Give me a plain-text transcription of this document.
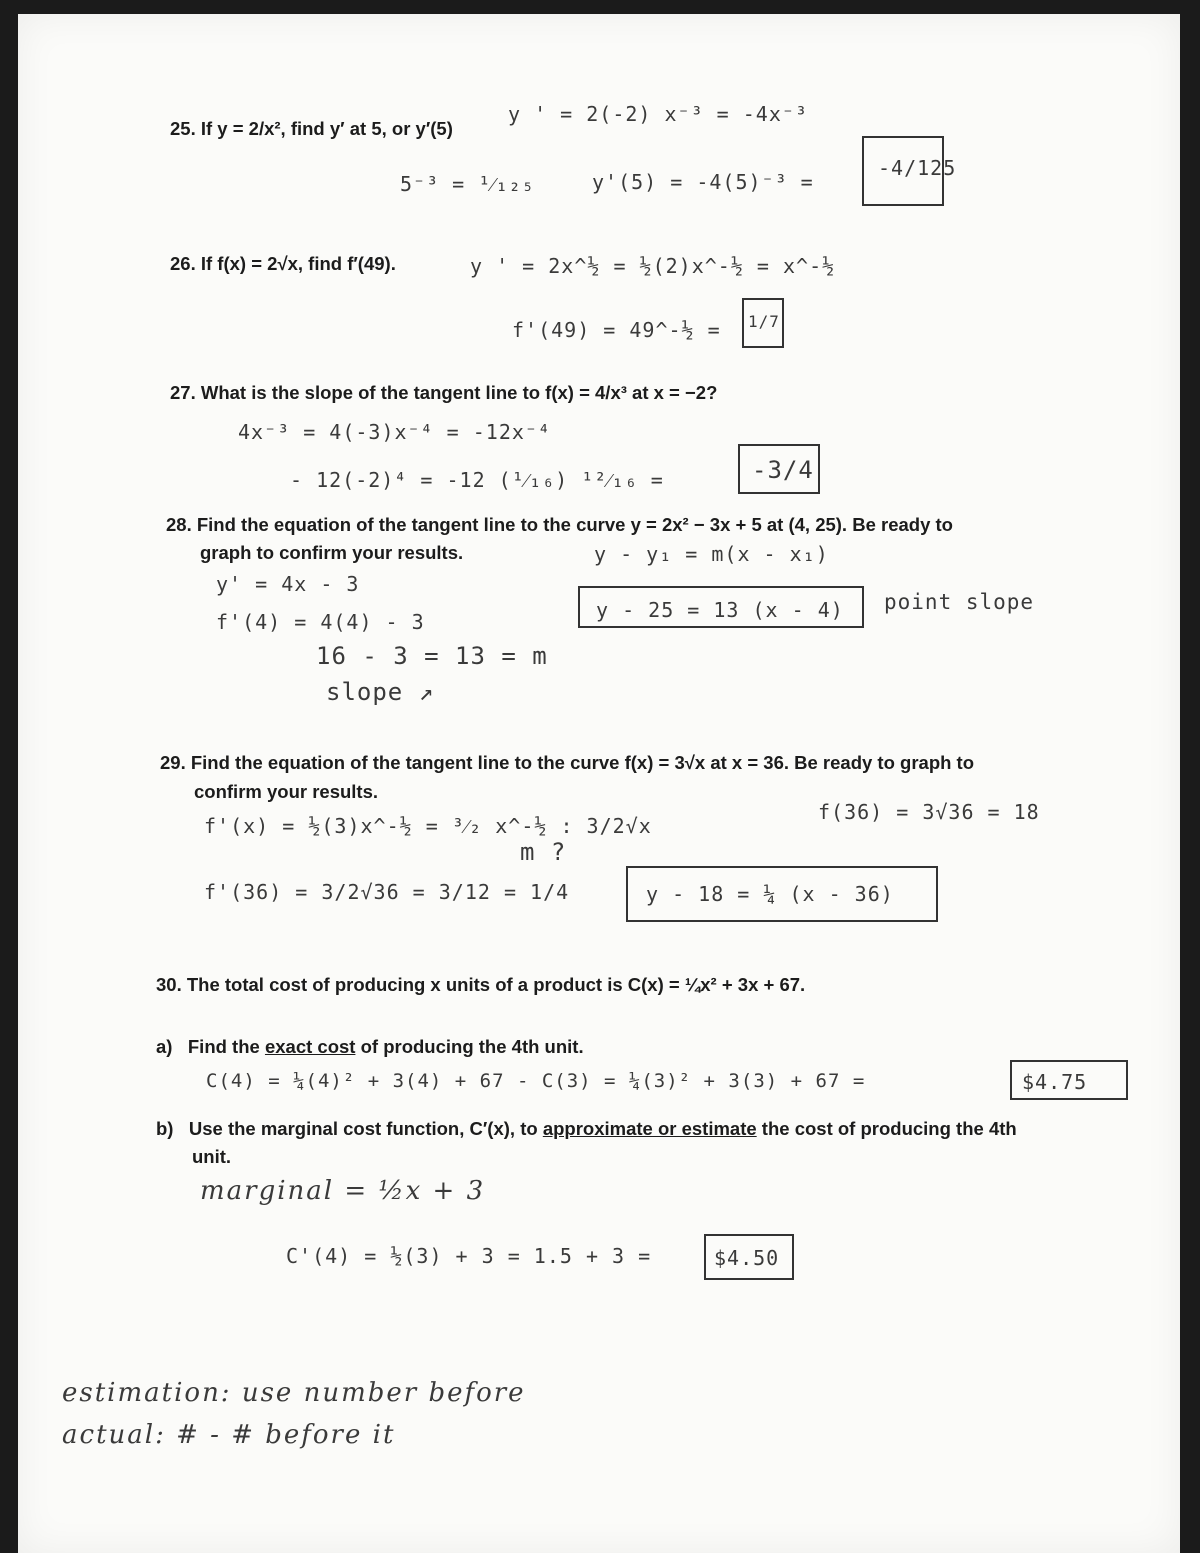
25. If y = 2/x², find y′ at 5, or y′(5)
y ' = 2(-2) x⁻³ = -4x⁻³
5⁻³ = ¹⁄₁₂₅	y'(5) = -4(5)⁻³ =
-4/125
26. If f(x) = 2√x, find f′(49).	y ' = 2x^½ = ½(2)x^-½ = x^-½
f'(49) = 49^-½ = 1/7
27. What is the slope of the tangent line to f(x) = 4/x³ at x = −2?
4x⁻³ = 4(-3)x⁻⁴ = -12x⁻⁴
- 12(-2)⁴ = -12 (¹⁄₁₆) ¹²⁄₁₆ =	-3/4
28. Find the equation of the tangent line to the curve y = 2x² − 3x + 5 at (4, 25). Be ready to
graph to confirm your results.	y - y₁ = m(x - x₁)
y' = 4x - 3
f'(4) = 4(4) - 3
16 - 3 = 13 = m
slope ↗
y - 25 = 13 (x - 4) point slope
29. Find the equation of the tangent line to the curve f(x) = 3√x at x = 36. Be ready to graph to
confirm your results.
f'(x) = ½(3)x^-½ = ³⁄₂ x^-½ : 3/2√x
f(36) = 3√36 = 18
m ?
f'(36) = 3/2√36 = 3/12 = 1/4	y - 18 = ¼ (x - 36)
30. The total cost of producing x units of a product is C(x) = ¼x² + 3x + 67.
a) Find the exact cost of producing the 4th unit.
C(4) = ¼(4)² + 3(4) + 67 - C(3) = ¼(3)² + 3(3) + 67 =	$4.75
b) Use the marginal cost function, C′(x), to approximate or estimate the cost of producing the 4th
unit.
marginal = ½x + 3
C'(4) = ½(3) + 3 = 1.5 + 3 =	$4.50
estimation: use number before
actual: # - # before it
